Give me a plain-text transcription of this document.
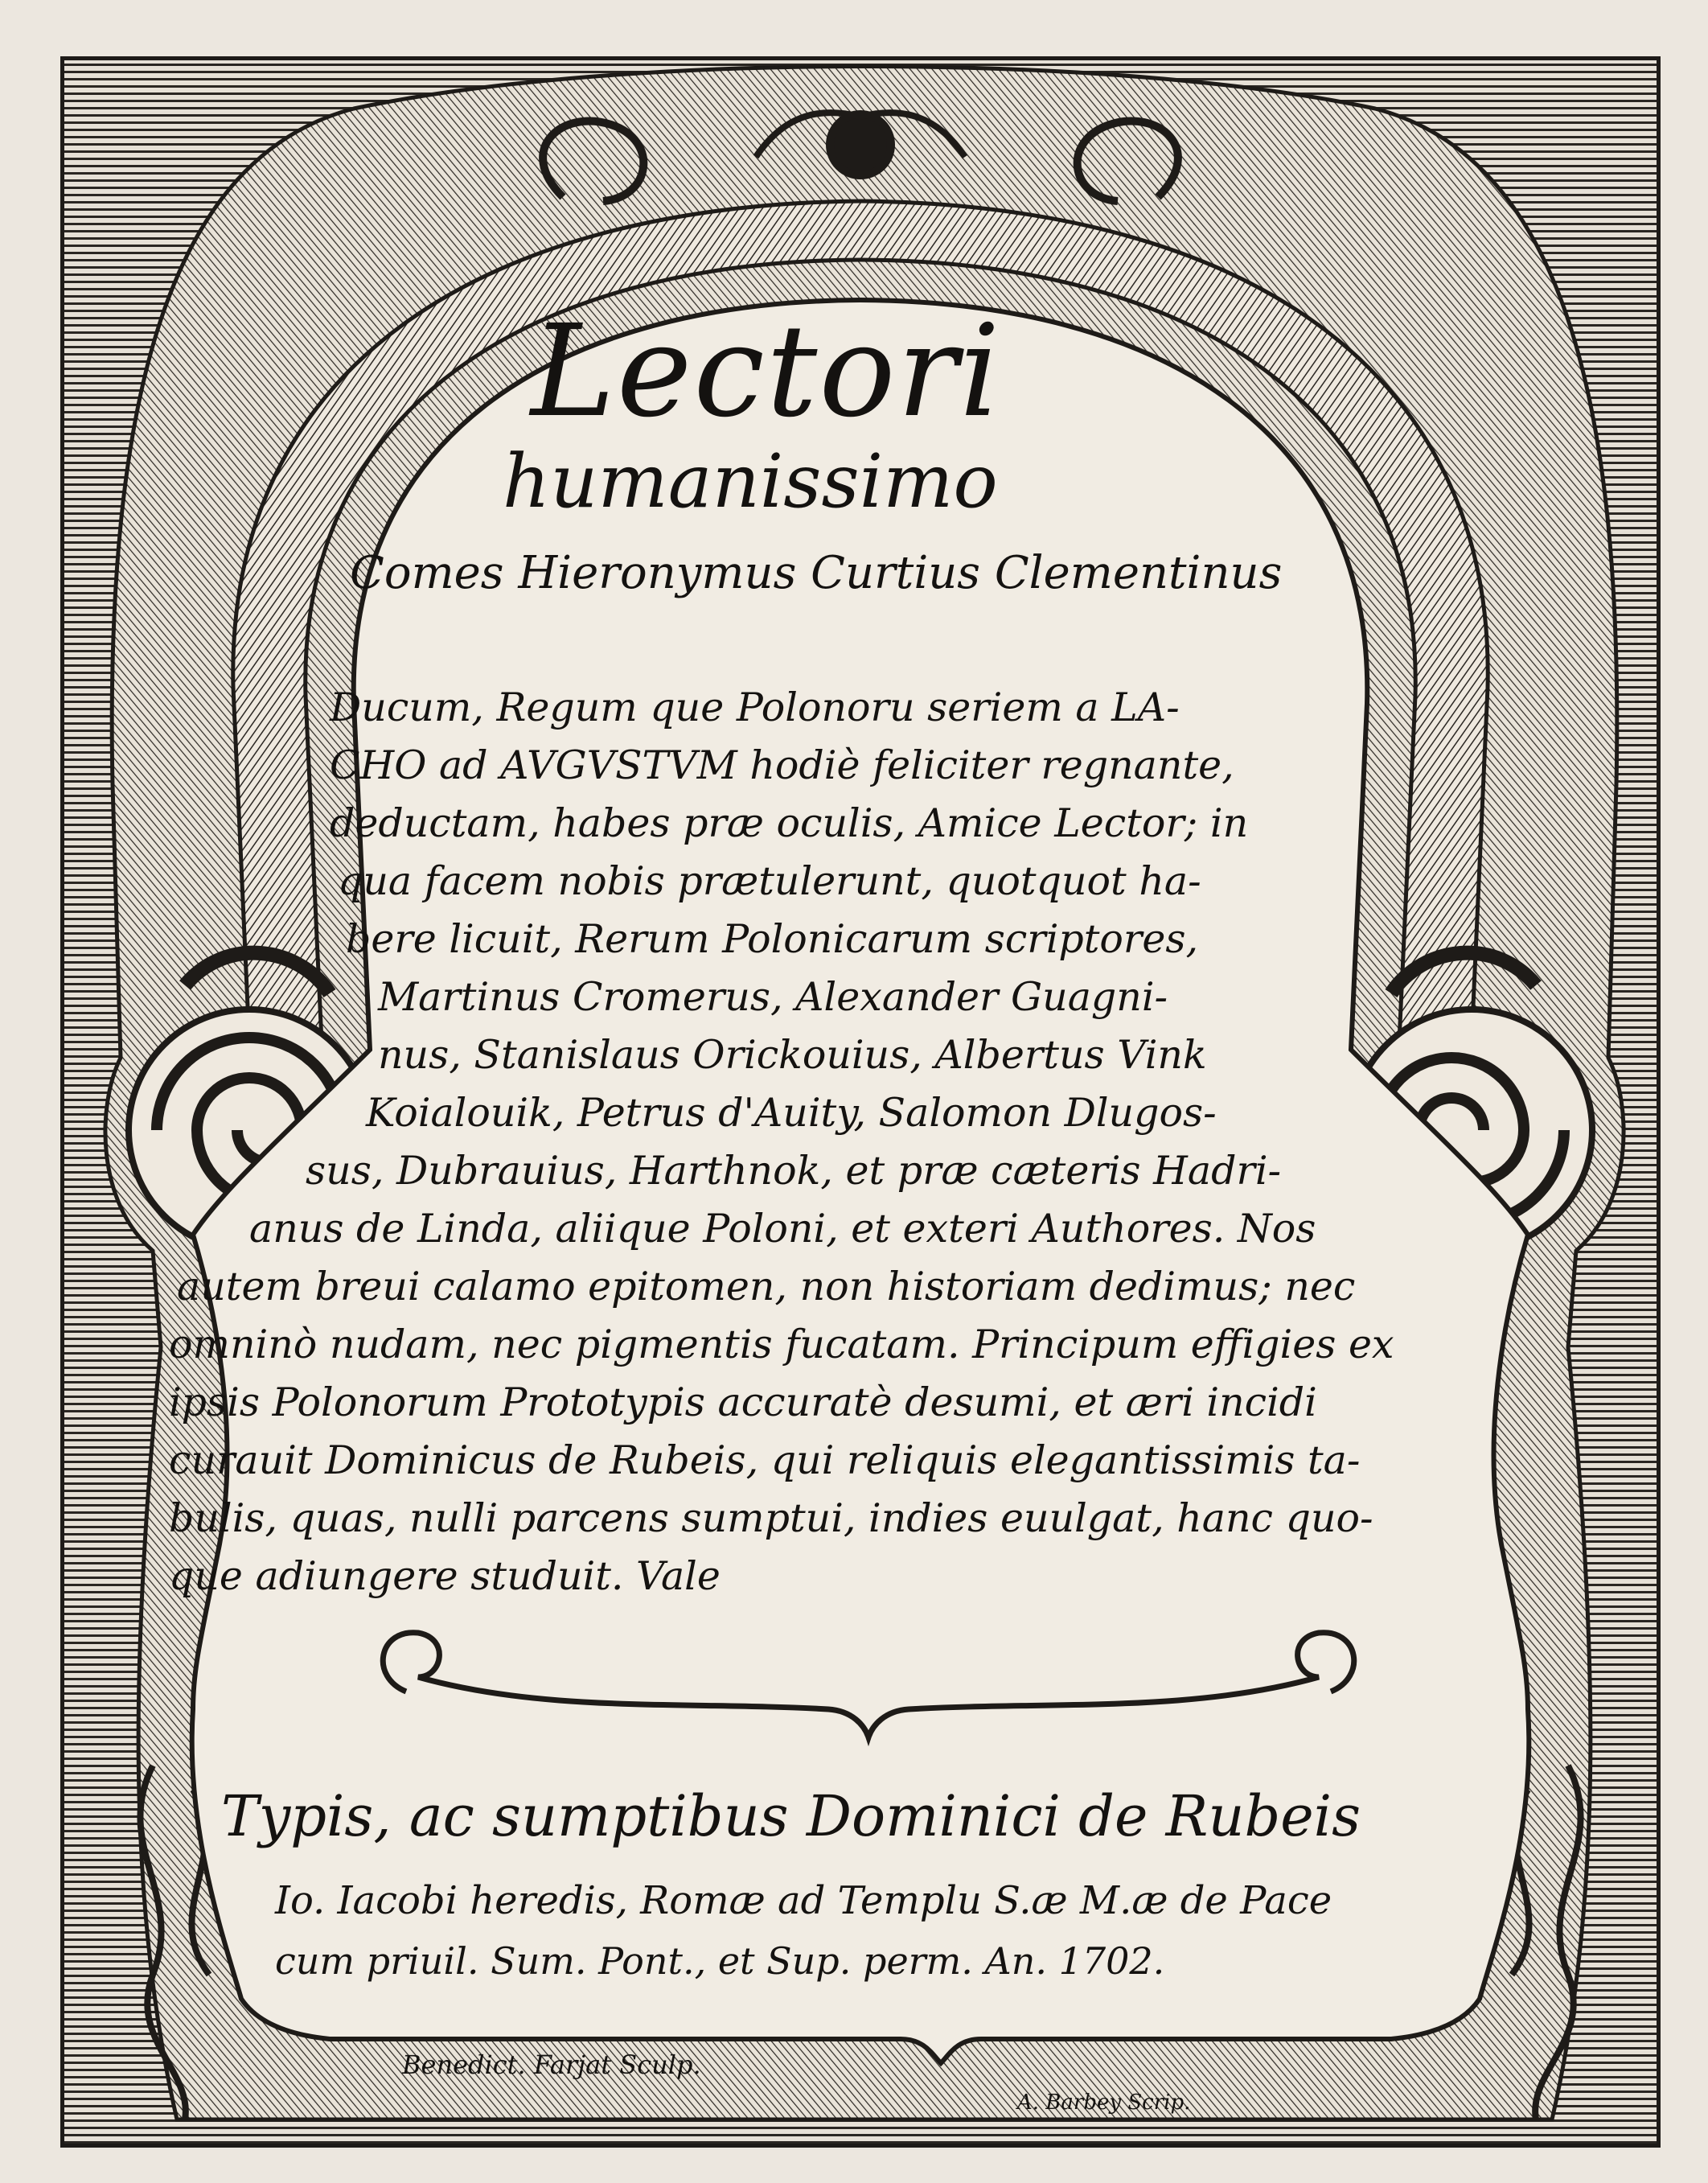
Lectori
humanissimo

Comes Hieronymus Curtius Clementinus

Ducum, Regum que Polonoru seriem a LA-

CHO ad AVGVSTVM hodiè feliciter regnante,

deductam, habes præ oculis, Amice Lector; in

qua facem nobis prætulerunt, quotquot ha-

bere licuit, Rerum Polonicarum scriptores,

Martinus Cromerus, Alexander Guagni-

nus, Stanislaus Orickouius, Albertus Vink

Koialouik, Petrus d'Auity, Salomon Dlugos-

sus, Dubrauius, Harthnok, et præ cæteris Hadri-

anus de Linda, aliique Poloni, et exteri Authores. Nos

autem breui calamo epitomen, non historiam dedimus; nec

omninò nudam, nec pigmentis fucatam. Principum effigies ex

ipsis Polonorum Prototypis accuratè desumi, et æri incidi

curauit Dominicus de Rubeis, qui reliquis elegantissimis ta-

bulis, quas, nulli parcens sumptui, indies euulgat, hanc quo-

que adiungere studuit. Vale

Typis, ac sumptibus Dominici de Rubeis

Io. Iacobi heredis, Romæ ad Templu S.æ M.æ de Pace

cum priuil. Sum. Pont., et Sup. perm. An. 1702.

Benedict. Farjat Sculp.

A. Barbey Scrip.
